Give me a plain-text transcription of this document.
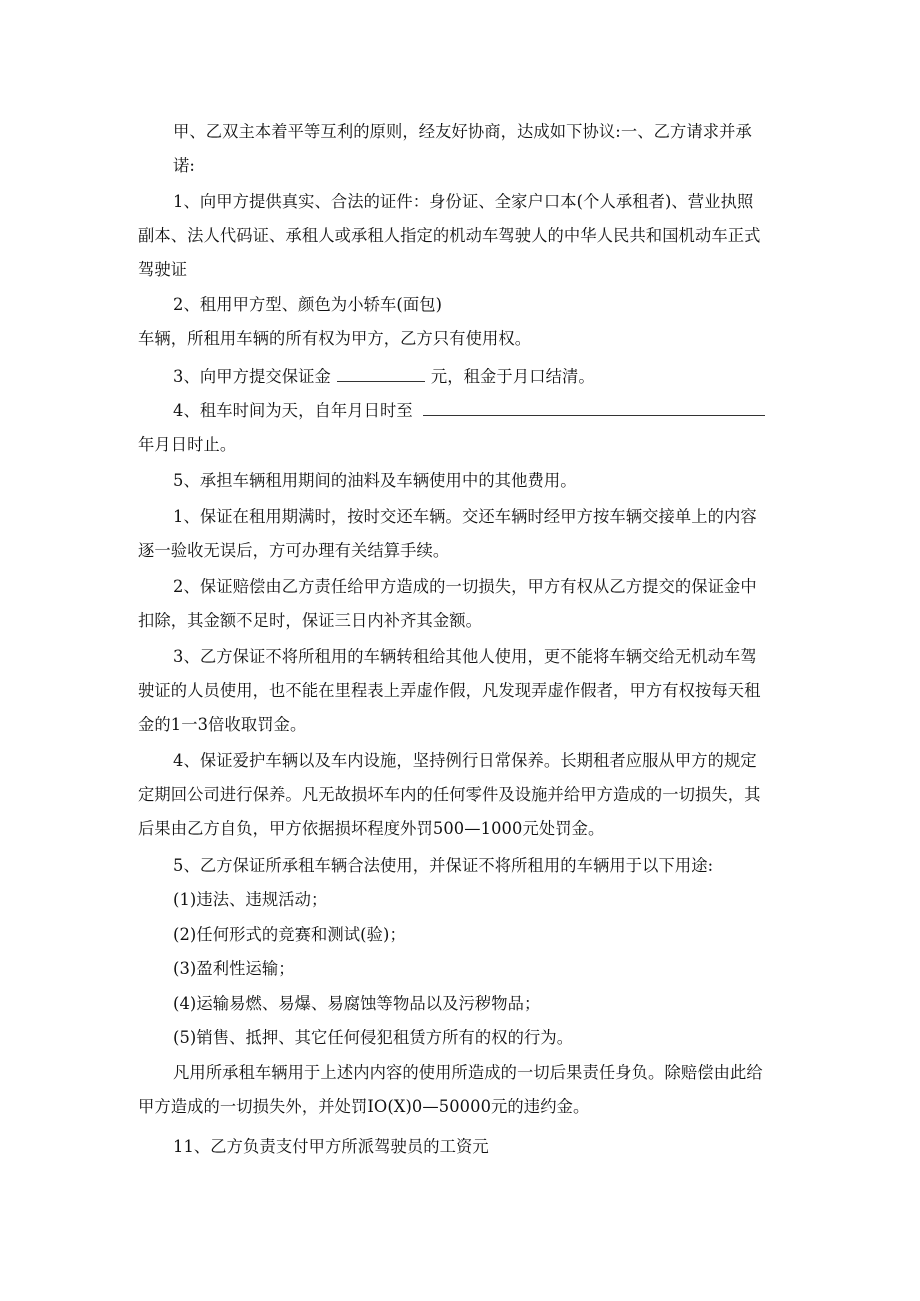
甲、乙双主本着平等互利的原则，经友好协商，达成如下协议:一、乙方请求并承
诺:
1、向甲方提供真实、合法的证件：身份证、全家户口本(个人承租者)、营业执照
副本、法人代码证、承租人或承租人指定的机动车驾驶人的中华人民共和国机动车正式
驾驶证
2、租用甲方型、颜色为小轿车(面包)
车辆，所租用车辆的所有权为甲方，乙方只有使用权。
3、向甲方提交保证金	元，租金于月口结清。
4、租车时间为天，自年月日时至
年月日时止。
5、承担车辆租用期间的油料及车辆使用中的其他费用。
1、保证在租用期满时，按时交还车辆。交还车辆时经甲方按车辆交接单上的内容
逐一验收无误后，方可办理有关结算手续。
2、保证赔偿由乙方责任给甲方造成的一切损失，甲方有权从乙方提交的保证金中
扣除，其金额不足时，保证三日内补齐其金额。
3、乙方保证不将所租用的车辆转租给其他人使用，更不能将车辆交给无机动车驾
驶证的人员使用，也不能在里程表上弄虚作假，凡发现弄虚作假者，甲方有权按每天租
金的1一3倍收取罚金。
4、保证爱护车辆以及车内设施，坚持例行日常保养。长期租者应服从甲方的规定
定期回公司进行保养。凡无故损坏车内的任何零件及设施并给甲方造成的一切损失，其
后果由乙方自负，甲方依据损坏程度外罚500—1000元处罚金。
5、乙方保证所承租车辆合法使用，并保证不将所租用的车辆用于以下用途:
(1)违法、违规活动；
(2)任何形式的竞赛和测试(验)；
(3)盈利性运输；
(4)运输易燃、易爆、易腐蚀等物品以及污秽物品；
(5)销售、抵押、其它任何侵犯租赁方所有的权的行为。
凡用所承租车辆用于上述内内容的使用所造成的一切后果责任身负。除赔偿由此给
甲方造成的一切损失外，并处罚IO(X)0—50000元的违约金。
11、乙方负责支付甲方所派驾驶员的工资元
